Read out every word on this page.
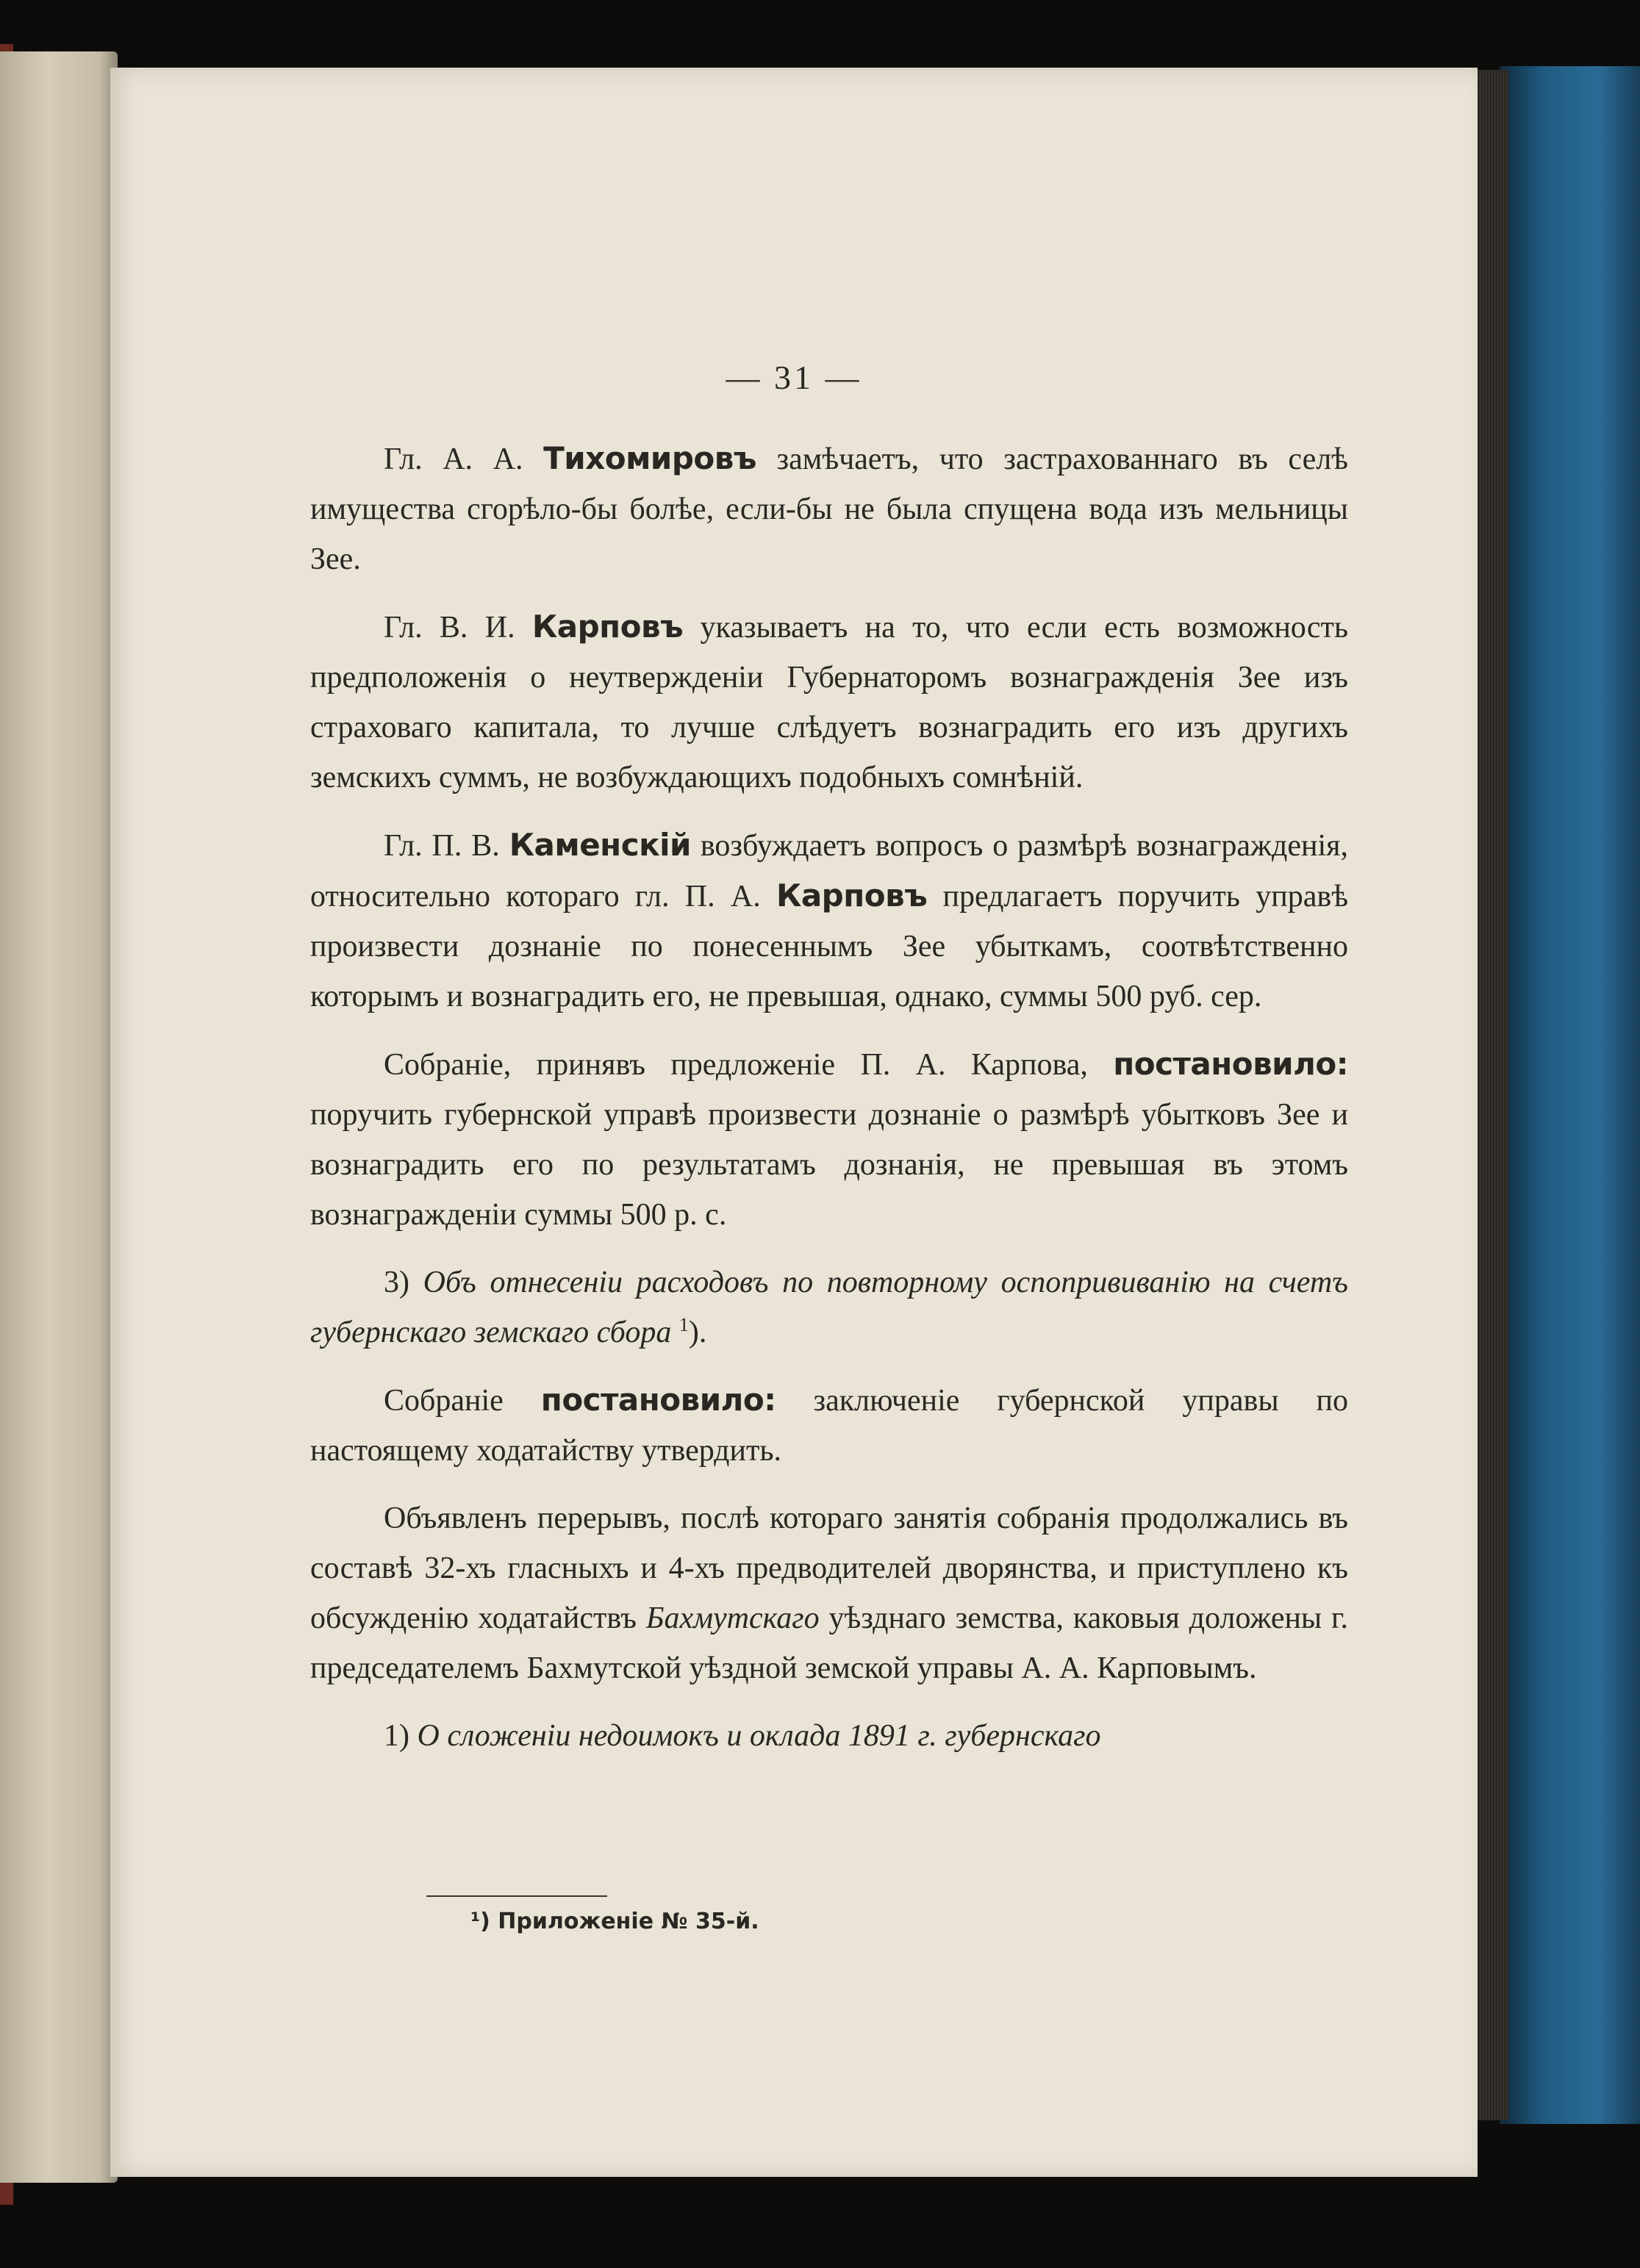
— 31 —

Гл. А. А. Тихомировъ замѣчаетъ, что застрахованнаго въ селѣ имущества сгорѣло-бы болѣе, если-бы не была спущена вода изъ мельницы Зее.

Гл. В. И. Карповъ указываетъ на то, что если есть возможность предположенія о неутвержденіи Губернаторомъ вознагражденія Зее изъ страховаго капитала, то лучше слѣдуетъ вознаградить его изъ другихъ земскихъ суммъ, не возбуждающихъ подобныхъ сомнѣній.

Гл. П. В. Каменскій возбуждаетъ вопросъ о размѣрѣ вознагражденія, относительно котораго гл. П. А. Карповъ предлагаетъ поручить управѣ произвести дознаніе по понесеннымъ Зее убыткамъ, соотвѣтственно которымъ и вознаградить его, не превышая, однако, суммы 500 руб. сер.

Собраніе, принявъ предложеніе П. А. Карпова, постановило: поручить губернской управѣ произвести дознаніе о размѣрѣ убытковъ Зее и вознаградить его по результатамъ дознанія, не превышая въ этомъ вознагражденіи суммы 500 р. с.

3) Объ отнесеніи расходовъ по повторному оспопрививанію на счетъ губернскаго земскаго сбора $^1$).

Собраніе постановило: заключеніе губернской управы по настоящему ходатайству утвердить.

Объявленъ перерывъ, послѣ котораго занятія собранія продолжались въ составѣ 32-хъ гласныхъ и 4-хъ предводителей дворянства, и приступлено къ обсужденію ходатайствъ Бахмутскаго уѣзднаго земства, каковыя доложены г. председателемъ Бахмутской уѣздной земской управы А. А. Карповымъ.

1) О сложеніи недоимокъ и оклада 1891 г. губернскаго

¹) Приложеніе № 35-й.
